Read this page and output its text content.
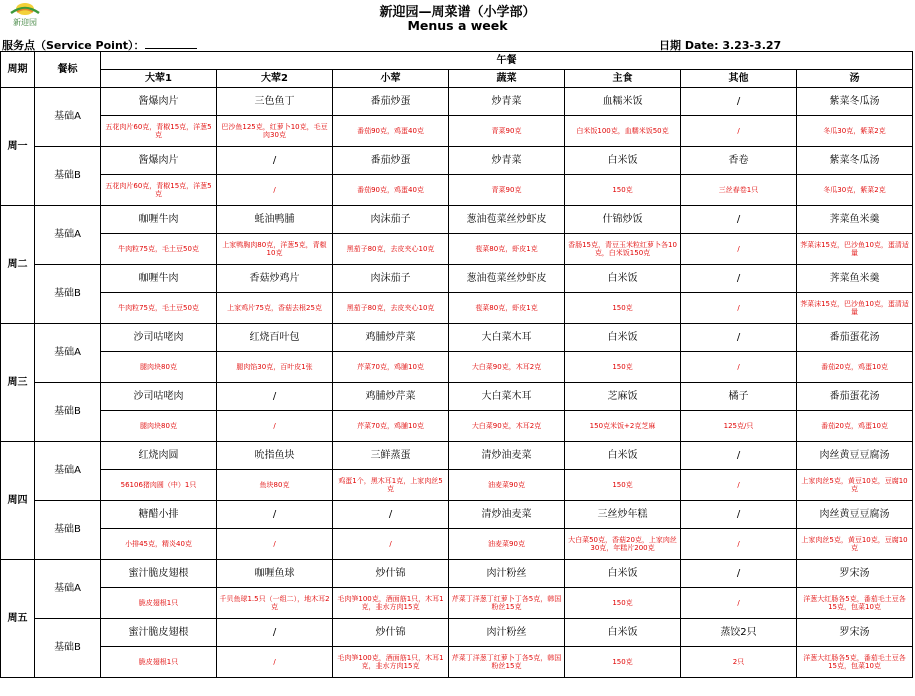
新迎园
新迎园—周菜谱（小学部）
Menus a week
服务点（Service Point）：	日期 Date: 3.23-3.27
周期	餐标	午餐						
		大荤1	大荤2	小荤	蔬菜	主食	其他	汤
周一	基础A	酱爆肉片	三色鱼丁	番茄炒蛋	炒青菜	血糯米饭	/	紫菜冬瓜汤

		五花肉片60克，青椒15克，洋葱5克	巴沙鱼125克，红萝卜10克，毛豆肉30克	番茄90克，鸡蛋40克	青菜90克	白米饭100克，血糯米饭50克	/	冬瓜30克，紫菜2克

	基础B	酱爆肉片	/	番茄炒蛋	炒青菜	白米饭	香卷	紫菜冬瓜汤

		五花肉片60克，青椒15克，洋葱5克	/	番茄90克，鸡蛋40克	青菜90克	150克	三丝春卷1只	冬瓜30克，紫菜2克

周二	基础A	咖喱牛肉	蚝油鸭脯	肉沫茄子	葱油苞菜丝炒虾皮	什锦炒饭	/	荠菜鱼米羹

		牛肉粒75克，毛土豆50克	上家鸭胸肉80克，洋葱5克，青椒10克	黑茄子80克，去皮夹心10克	苞菜80克，虾皮1克	香肠15克，青豆玉米粒红萝卜各10克，白米饭150克	/	荠菜沫15克，巴沙鱼10克，蛋清适量

	基础B	咖喱牛肉	香菇炒鸡片	肉沫茄子	葱油苞菜丝炒虾皮	白米饭	/	荠菜鱼米羹

		牛肉粒75克，毛土豆50克	上家鸡片75克，香菇去根25克	黑茄子80克，去皮夹心10克	苞菜80克，虾皮1克	150克	/	荠菜沫15克，巴沙鱼10克，蛋清适量

周三	基础A	沙司咕咾肉	红烧百叶包	鸡脯炒芹菜	大白菜木耳	白米饭	/	番茄蛋花汤

		腿肉块80克	腿肉馅30克，百叶皮1张	芹菜70克，鸡脯10克	大白菜90克，木耳2克	150克	/	番茄20克，鸡蛋10克

	基础B	沙司咕咾肉	/	鸡脯炒芹菜	大白菜木耳	芝麻饭	橘子	番茄蛋花汤

		腿肉块80克	/	芹菜70克，鸡脯10克	大白菜90克，木耳2克	150克米饭+2克芝麻	125克/只	番茄20克，鸡蛋10克

周四	基础A	红烧肉圆	吮指鱼块	三鲜蒸蛋	清炒油麦菜	白米饭	/	肉丝黄豆豆腐汤

		56106猪肉圆（中）1只	鱼块80克	鸡蛋1个，黑木耳1克，上家肉丝5克	油麦菜90克	150克	/	上家肉丝5克，黄豆10克，豆腐10克

	基础B	糖醋小排	/	/	清炒油麦菜	三丝炒年糕	/	肉丝黄豆豆腐汤

		小排45克，精炎40克	/	/	油麦菜90克	大白菜50克，香菇20克，上家肉丝30克，年糕片200克	/	上家肉丝5克，黄豆10克，豆腐10克

周五	基础A	蜜汁脆皮翅根	咖喱鱼球	炒什锦	肉汁粉丝	白米饭	/	罗宋汤

		脆皮翅根1只	千贝鱼球1.5只（一组二），地木耳2克	毛肉笋100克，酒面筋1只，木耳1克，韭水方肉15克	芹菜丁洋葱丁红萝卜丁各5克，韩国粉丝15克	150克	/	洋葱大红肠各5克，番茄毛土豆各15克，包菜10克

	基础B	蜜汁脆皮翅根	/	炒什锦	肉汁粉丝	白米饭	蒸饺2只	罗宋汤

		脆皮翅根1只	/	毛肉笋100克，酒面筋1只，木耳1克，韭水方肉15克	芹菜丁洋葱丁红萝卜丁各5克，韩国粉丝15克	150克	2只	洋葱大红肠各5克，番茄毛土豆各15克，包菜10克
